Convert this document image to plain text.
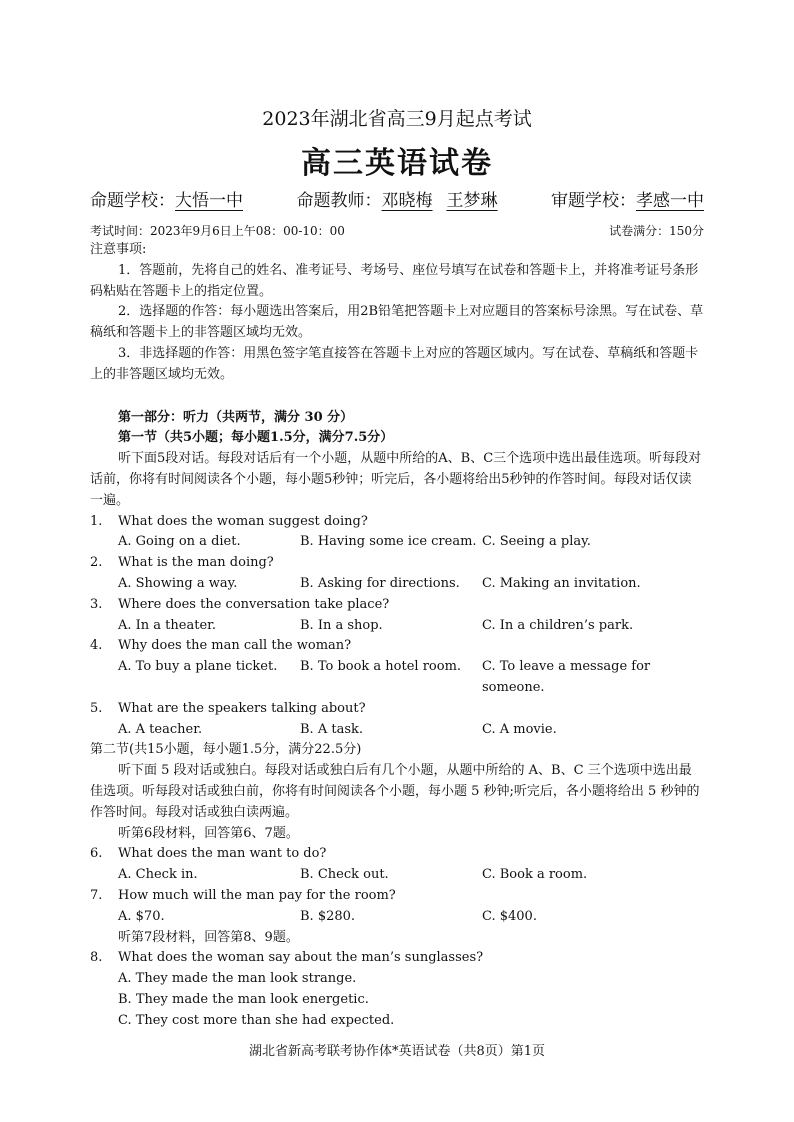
2023年湖北省高三9月起点考试
高三英语试卷
命题学校：大悟一中	命题教师：邓晓梅 王梦琳	审题学校：孝感一中
考试时间：2023年9月6日上午08：00-10：00	试卷满分：150分

注意事项:

1．答题前，先将自己的姓名、准考证号、考场号、座位号填写在试卷和答题卡上，并将准考证号条形码粘贴在答题卡上的指定位置。

2．选择题的作答：每小题选出答案后，用2B铅笔把答题卡上对应题目的答案标号涂黑。写在试卷、草稿纸和答题卡上的非答题区域均无效。

3．非选择题的作答：用黑色签字笔直接答在答题卡上对应的答题区域内。写在试卷、草稿纸和答题卡上的非答题区域均无效。

第一部分：听力（共两节，满分 30 分）

第一节（共5小题；每小题1.5分，满分7.5分）

听下面5段对话。每段对话后有一个小题，从题中所给的A、B、C三个选项中选出最佳选项。听每段对话前，你将有时间阅读各个小题，每小题5秒钟；听完后，各小题将给出5秒钟的作答时间。每段对话仅读一遍。

1.	What does the woman suggest doing?
A. Going on a diet.	B. Having some ice cream. C. Seeing a play.
2.	What is the man doing?
A. Showing a way.	B. Asking for directions.	C. Making an invitation.
3.	Where does the conversation take place?
A. In a theater.	B. In a shop.	C. In a children’s park.
4.	Why does the man call the woman?
A. To buy a plane ticket.	B. To book a hotel room.	C. To leave a message for someone.
5.	What are the speakers talking about?
A. A teacher.	B. A task.	C. A movie.

第二节(共15小题，每小题1.5分，满分22.5分)

听下面 5 段对话或独白。每段对话或独白后有几个小题，从题中所给的 A、B、C 三个选项中选出最佳选项。听每段对话或独白前，你将有时间阅读各个小题，每小题 5 秒钟;听完后，各小题将给出 5 秒钟的作答时间。每段对话或独白读两遍。

听第6段材料，回答第6、7题。

6.	What does the man want to do?
A. Check in.	B. Check out.	C. Book a room.
7.	How much will the man pay for the room?
A. $70.	B. $280.	C. $400.

听第7段材料，回答第8、9题。

8.	What does the woman say about the man’s sunglasses?
A. They made the man look strange.
B. They made the man look energetic.
C. They cost more than she had expected.
湖北省新高考联考协作体*英语试卷（共8页）第1页
